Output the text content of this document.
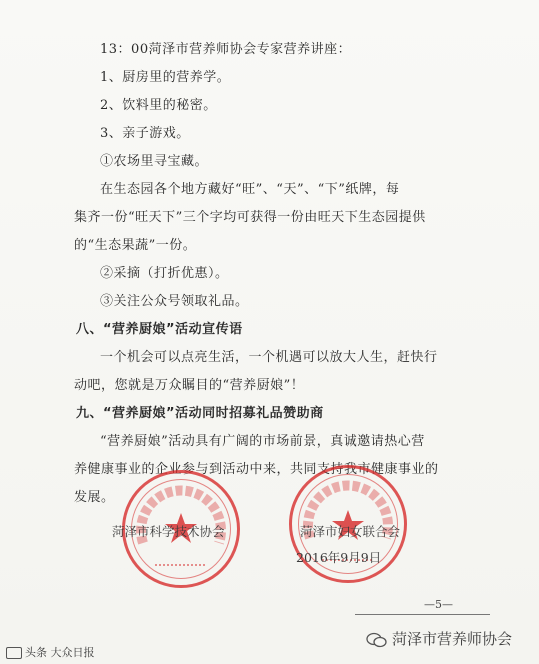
13：00菏泽市营养师协会专家营养讲座：
1、厨房里的营养学。
2、饮料里的秘密。
3、亲子游戏。
①农场里寻宝藏。
在生态园各个地方藏好“旺”、“天”、“下”纸牌，每
集齐一份“旺天下”三个字均可获得一份由旺天下生态园提供
的“生态果蔬”一份。
②采摘（打折优惠）。
③关注公众号领取礼品。
八、“营养厨娘”活动宣传语
一个机会可以点亮生活，一个机遇可以放大人生，赶快行
动吧，您就是万众瞩目的“营养厨娘”！
九、“营养厨娘”活动同时招募礼品赞助商
“营养厨娘”活动具有广阔的市场前景，真诚邀请热心营
养健康事业的企业参与到活动中来，共同支持我市健康事业的
发展。
菏泽市科学技术协会	菏泽市妇女联合会
2016年9月9日
—5—
头条 大众日报
菏泽市营养师协会
